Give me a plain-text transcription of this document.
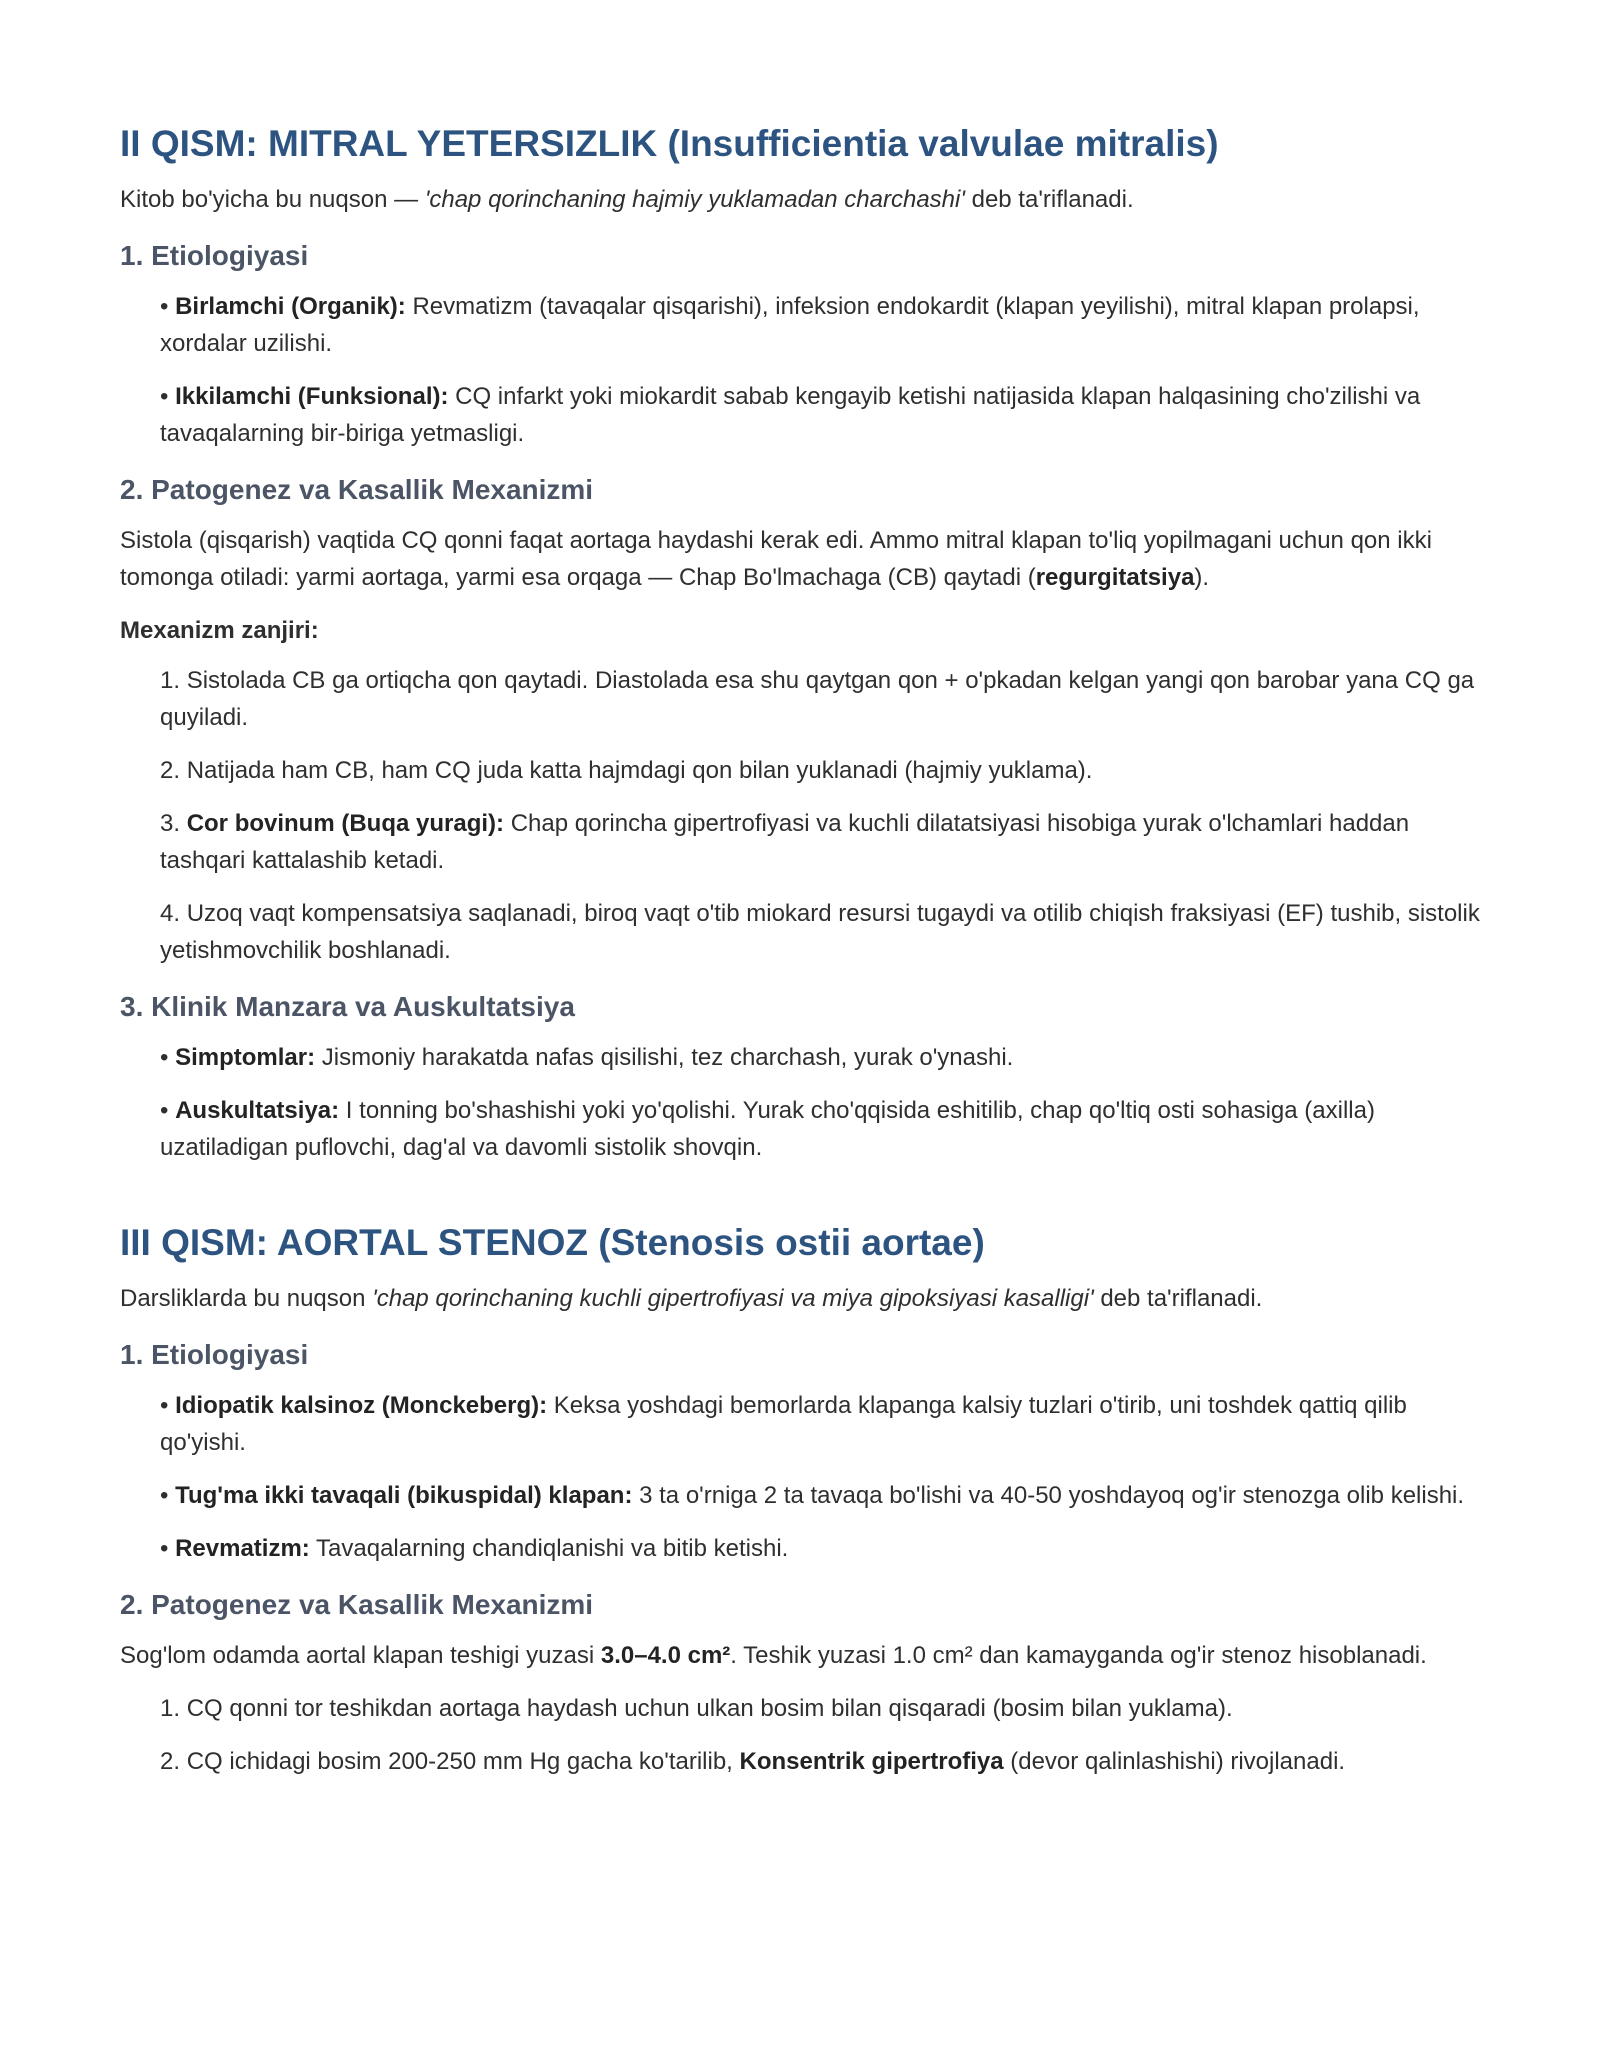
II QISM: MITRAL YETERSIZLIK (Insufficientia valvulae mitralis)

Kitob bo'yicha bu nuqson — 'chap qorinchaning hajmiy yuklamadan charchashi' deb ta'riflanadi.

1. Etiologiyasi
• Birlamchi (Organik): Revmatizm (tavaqalar qisqarishi), infeksion endokardit (klapan yeyilishi), mitral klapan prolapsi, xordalar uzilishi.
• Ikkilamchi (Funksional): CQ infarkt yoki miokardit sabab kengayib ketishi natijasida klapan halqasining cho'zilishi va tavaqalarning bir-biriga yetmasligi.
2. Patogenez va Kasallik Mexanizmi

Sistola (qisqarish) vaqtida CQ qonni faqat aortaga haydashi kerak edi. Ammo mitral klapan to'liq yopilmagani uchun qon ikki tomonga otiladi: yarmi aortaga, yarmi esa orqaga — Chap Bo'lmachaga (CB) qaytadi (regurgitatsiya).

Mexanizm zanjiri:

1. Sistolada CB ga ortiqcha qon qaytadi. Diastolada esa shu qaytgan qon + o'pkadan kelgan yangi qon barobar yana CQ ga quyiladi.
2. Natijada ham CB, ham CQ juda katta hajmdagi qon bilan yuklanadi (hajmiy yuklama).
3. Cor bovinum (Buqa yuragi): Chap qorincha gipertrofiyasi va kuchli dilatatsiyasi hisobiga yurak o'lchamlari haddan tashqari kattalashib ketadi.
4. Uzoq vaqt kompensatsiya saqlanadi, biroq vaqt o'tib miokard resursi tugaydi va otilib chiqish fraksiyasi (EF) tushib, sistolik yetishmovchilik boshlanadi.
3. Klinik Manzara va Auskultatsiya
• Simptomlar: Jismoniy harakatda nafas qisilishi, tez charchash, yurak o'ynashi.
• Auskultatsiya: I tonning bo'shashishi yoki yo'qolishi. Yurak cho'qqisida eshitilib, chap qo'ltiq osti sohasiga (axilla) uzatiladigan puflovchi, dag'al va davomli sistolik shovqin.
III QISM: AORTAL STENOZ (Stenosis ostii aortae)

Darsliklarda bu nuqson 'chap qorinchaning kuchli gipertrofiyasi va miya gipoksiyasi kasalligi' deb ta'riflanadi.

1. Etiologiyasi
• Idiopatik kalsinoz (Monckeberg): Keksa yoshdagi bemorlarda klapanga kalsiy tuzlari o'tirib, uni toshdek qattiq qilib qo'yishi.
• Tug'ma ikki tavaqali (bikuspidal) klapan: 3 ta o'rniga 2 ta tavaqa bo'lishi va 40-50 yoshdayoq og'ir stenozga olib kelishi.
• Revmatizm: Tavaqalarning chandiqlanishi va bitib ketishi.
2. Patogenez va Kasallik Mexanizmi

Sog'lom odamda aortal klapan teshigi yuzasi 3.0–4.0 cm². Teshik yuzasi 1.0 cm² dan kamayganda og'ir stenoz hisoblanadi.

1. CQ qonni tor teshikdan aortaga haydash uchun ulkan bosim bilan qisqaradi (bosim bilan yuklama).
2. CQ ichidagi bosim 200-250 mm Hg gacha ko'tarilib, Konsentrik gipertrofiya (devor qalinlashishi) rivojlanadi.
